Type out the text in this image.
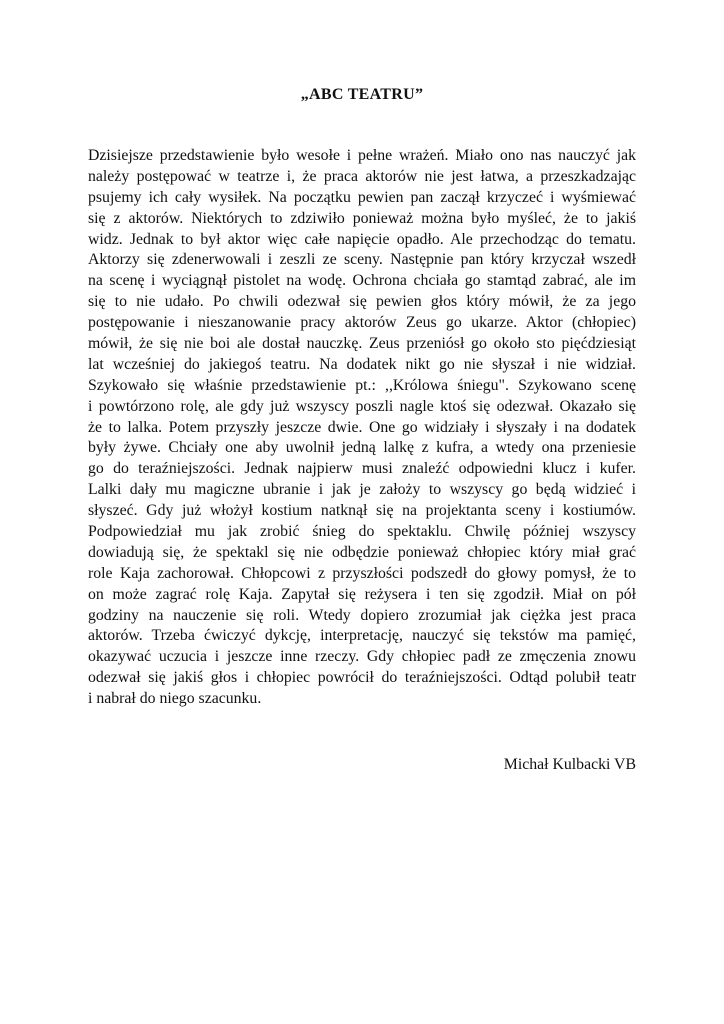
„ABC TEATRU”
Dzisiejsze przedstawienie było wesołe i pełne wrażeń. Miało ono nas nauczyć jak
należy postępować w teatrze i, że praca aktorów nie jest łatwa, a przeszkadzając
psujemy ich cały wysiłek. Na początku pewien pan zaczął krzyczeć i wyśmiewać
się z aktorów. Niektórych to zdziwiło ponieważ można było myśleć, że to jakiś
widz. Jednak to był aktor więc całe napięcie opadło. Ale przechodząc do tematu.
Aktorzy się zdenerwowali i zeszli ze sceny. Następnie pan który krzyczał wszedł
na scenę i wyciągnął pistolet na wodę. Ochrona chciała go stamtąd zabrać, ale im
się to nie udało. Po chwili odezwał się pewien głos który mówił, że za jego
postępowanie i nieszanowanie pracy aktorów Zeus go ukarze. Aktor (chłopiec)
mówił, że się nie boi ale dostał nauczkę. Zeus przeniósł go około sto pięćdziesiąt
lat wcześniej do jakiegoś teatru. Na dodatek nikt go nie słyszał i nie widział.
Szykowało się właśnie przedstawienie pt.: ,,Królowa śniegu". Szykowano scenę
i powtórzono rolę, ale gdy już wszyscy poszli nagle ktoś się odezwał. Okazało się
że to lalka. Potem przyszły jeszcze dwie. One go widziały i słyszały i na dodatek
były żywe. Chciały one aby uwolnił jedną lalkę z kufra, a wtedy ona przeniesie
go do teraźniejszości. Jednak najpierw musi znaleźć odpowiedni klucz i kufer.
Lalki dały mu magiczne ubranie i jak je założy to wszyscy go będą widzieć i
słyszeć. Gdy już włożył kostium natknął się na projektanta sceny i kostiumów.
Podpowiedział mu jak zrobić śnieg do spektaklu. Chwilę później wszyscy
dowiadują się, że spektakl się nie odbędzie ponieważ chłopiec który miał grać
role Kaja zachorował. Chłopcowi z przyszłości podszedł do głowy pomysł, że to
on może zagrać rolę Kaja. Zapytał się reżysera i ten się zgodził. Miał on pół
godziny na nauczenie się roli. Wtedy dopiero zrozumiał jak ciężka jest praca
aktorów. Trzeba ćwiczyć dykcję, interpretację, nauczyć się tekstów ma pamięć,
okazywać uczucia i jeszcze inne rzeczy. Gdy chłopiec padł ze zmęczenia znowu
odezwał się jakiś głos i chłopiec powrócił do teraźniejszości. Odtąd polubił teatr
i nabrał do niego szacunku.
Michał Kulbacki VB
